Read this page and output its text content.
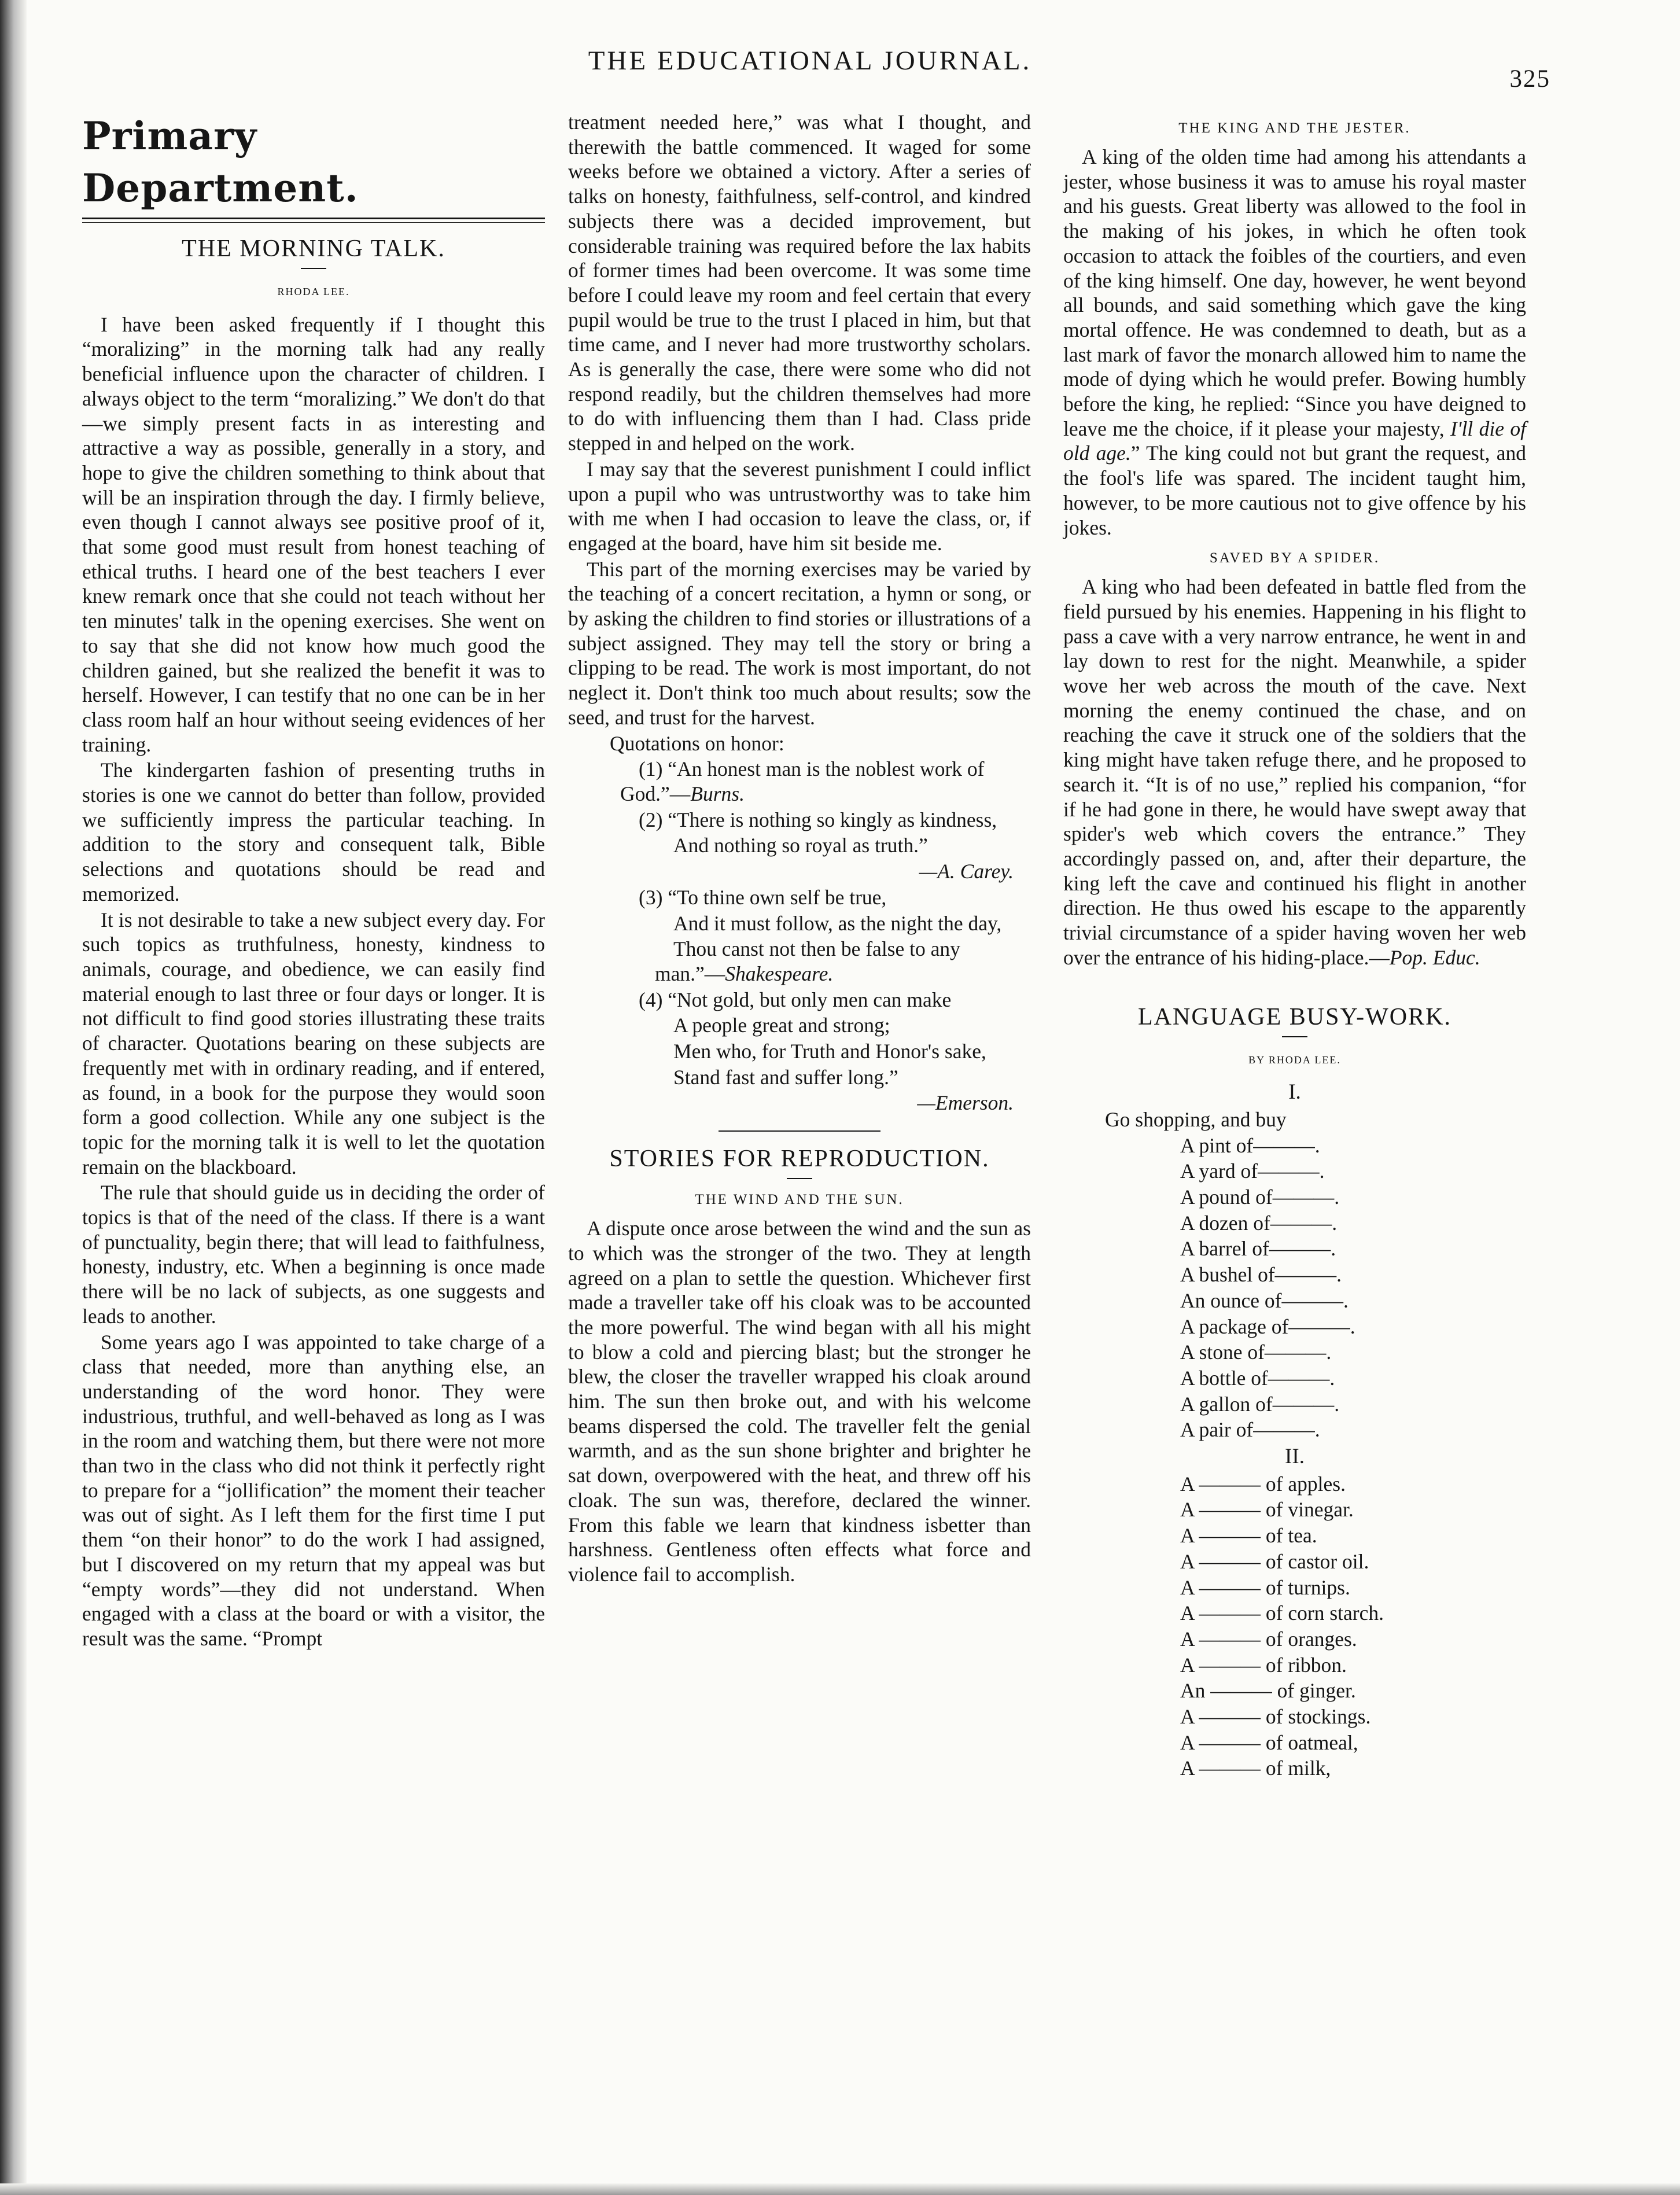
THE EDUCATIONAL JOURNAL.
325
Primary Department.
THE MORNING TALK.
RHODA LEE.

I have been asked frequently if I thought this “moralizing” in the morning talk had any really beneficial influence upon the character of children. I always object to the term “moralizing.” We don't do that—we simply present facts in as interesting and attractive a way as possible, generally in a story, and hope to give the children something to think about that will be an inspiration through the day. I firmly believe, even though I cannot always see positive proof of it, that some good must result from honest teaching of ethical truths. I heard one of the best teachers I ever knew remark once that she could not teach without her ten minutes' talk in the opening exercises. She went on to say that she did not know how much good the children gained, but she realized the benefit it was to herself. However, I can testify that no one can be in her class room half an hour without seeing evidences of her training.

The kindergarten fashion of presenting truths in stories is one we cannot do better than follow, provided we sufficiently impress the particular teaching. In addition to the story and consequent talk, Bible selections and quotations should be read and memorized.

It is not desirable to take a new subject every day. For such topics as truthfulness, honesty, kindness to animals, courage, and obedience, we can easily find material enough to last three or four days or longer. It is not difficult to find good stories illustrating these traits of character. Quotations bearing on these subjects are frequently met with in ordinary reading, and if entered, as found, in a book for the purpose they would soon form a good collection. While any one subject is the topic for the morning talk it is well to let the quotation remain on the blackboard.

The rule that should guide us in deciding the order of topics is that of the need of the class. If there is a want of punctuality, begin there; that will lead to faithfulness, honesty, industry, etc. When a beginning is once made there will be no lack of subjects, as one suggests and leads to another.

Some years ago I was appointed to take charge of a class that needed, more than anything else, an understanding of the word honor. They were industrious, truthful, and well-behaved as long as I was in the room and watching them, but there were not more than two in the class who did not think it perfectly right to prepare for a “jollification” the moment their teacher was out of sight. As I left them for the first time I put them “on their honor” to do the work I had assigned, but I discovered on my return that my appeal was but “empty words”—they did not understand. When engaged with a class at the board or with a visitor, the result was the same. “Prompt

treatment needed here,” was what I thought, and therewith the battle commenced. It waged for some weeks before we obtained a victory. After a series of talks on honesty, faithfulness, self-control, and kindred subjects there was a decided improvement, but considerable training was required before the lax habits of former times had been overcome. It was some time before I could leave my room and feel certain that every pupil would be true to the trust I placed in him, but that time came, and I never had more trustworthy scholars. As is generally the case, there were some who did not respond readily, but the children themselves had more to do with influencing them than I had. Class pride stepped in and helped on the work.

I may say that the severest punishment I could inflict upon a pupil who was untrustworthy was to take him with me when I had occasion to leave the class, or, if engaged at the board, have him sit beside me.

This part of the morning exercises may be varied by the teaching of a concert recitation, a hymn or song, or by asking the children to find stories or illustrations of a subject assigned. They may tell the story or bring a clipping to be read. The work is most important, do not neglect it. Don't think too much about results; sow the seed, and trust for the harvest.

Quotations on honor:

(1) “An honest man is the noblest work of God.”—Burns.

(2) “There is nothing so kingly as kindness,

And nothing so royal as truth.”

—A. Carey.

(3) “To thine own self be true,

And it must follow, as the night the day,

Thou canst not then be false to any man.”—Shakespeare.

(4) “Not gold, but only men can make

A people great and strong;

Men who, for Truth and Honor's sake,

Stand fast and suffer long.”

—Emerson.

STORIES FOR REPRODUCTION.
THE WIND AND THE SUN.

A dispute once arose between the wind and the sun as to which was the stronger of the two. They at length agreed on a plan to settle the question. Whichever first made a traveller take off his cloak was to be accounted the more powerful. The wind began with all his might to blow a cold and piercing blast; but the stronger he blew, the closer the traveller wrapped his cloak around him. The sun then broke out, and with his welcome beams dispersed the cold. The traveller felt the genial warmth, and as the sun shone brighter and brighter he sat down, overpowered with the heat, and threw off his cloak. The sun was, therefore, declared the winner. From this fable we learn that kindness isbetter than harshness. Gentleness often effects what force and violence fail to accomplish.

THE KING AND THE JESTER.

A king of the olden time had among his attendants a jester, whose business it was to amuse his royal master and his guests. Great liberty was allowed to the fool in the making of his jokes, in which he often took occasion to attack the foibles of the courtiers, and even of the king himself. One day, however, he went beyond all bounds, and said something which gave the king mortal offence. He was condemned to death, but as a last mark of favor the monarch allowed him to name the mode of dying which he would prefer. Bowing humbly before the king, he replied: “Since you have deigned to leave me the choice, if it please your majesty, I'll die of old age.” The king could not but grant the request, and the fool's life was spared. The incident taught him, however, to be more cautious not to give offence by his jokes.

SAVED BY A SPIDER.

A king who had been defeated in battle fled from the field pursued by his enemies. Happening in his flight to pass a cave with a very narrow entrance, he went in and lay down to rest for the night. Meanwhile, a spider wove her web across the mouth of the cave. Next morning the enemy continued the chase, and on reaching the cave it struck one of the soldiers that the king might have taken refuge there, and he proposed to search it. “It is of no use,” replied his companion, “for if he had gone in there, he would have swept away that spider's web which covers the entrance.” They accordingly passed on, and, after their departure, the king left the cave and continued his flight in another direction. He thus owed his escape to the apparently trivial circumstance of a spider having woven her web over the entrance of his hiding-place.—Pop. Educ.

LANGUAGE BUSY-WORK.
BY RHODA LEE.
I.

Go shopping, and buy

A pint of———.

A yard of———.

A pound of———.

A dozen of———.

A barrel of———.

A bushel of———.

An ounce of———.

A package of———.

A stone of———.

A bottle of———.

A gallon of———.

A pair of———.

II.

A ——— of apples.

A ——— of vinegar.

A ——— of tea.

A ——— of castor oil.

A ——— of turnips.

A ——— of corn starch.

A ——— of oranges.

A ——— of ribbon.

An ——— of ginger.

A ——— of stockings.

A ——— of oatmeal,

A ——— of milk,
